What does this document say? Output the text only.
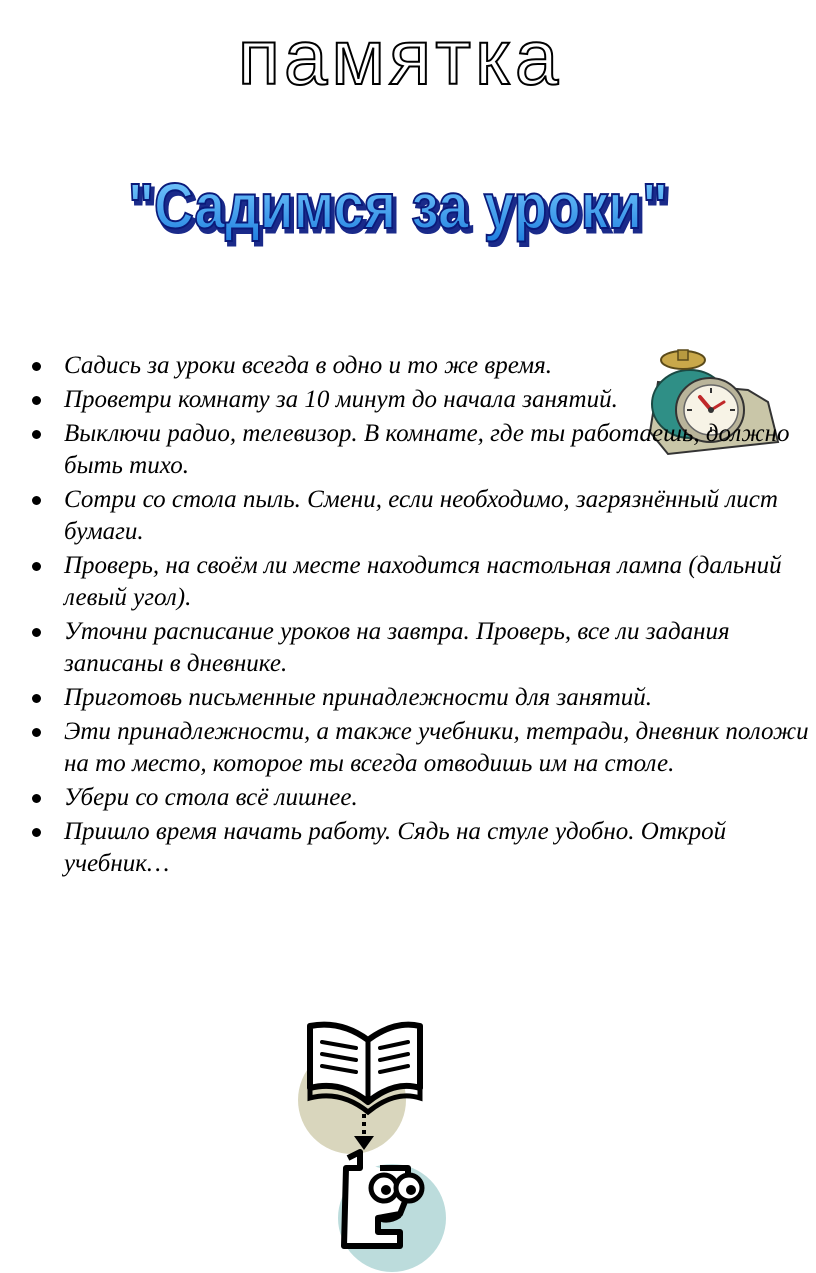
памятка
"Садимся за уроки"
"Садимся за уроки"
Садись за уроки всегда в одно и то же время.
Проветри комнату за 10 минут до начала занятий.
Выключи радио, телевизор. В комнате, где ты работаешь, должно быть тихо.
Сотри со стола пыль. Смени, если необходимо, загрязнённый лист бумаги.
Проверь, на своём ли месте находится настольная лампа (дальний левый угол).
Уточни расписание уроков на завтра. Проверь, все ли задания записаны в дневнике.
Приготовь письменные принадлежности для занятий.
Эти принадлежности, а также учебники, тетради, дневник положи на то место, которое ты всегда отводишь им на столе.
Убери со стола всё лишнее.
Пришло время начать работу. Сядь на стуле удобно. Открой учебник…
